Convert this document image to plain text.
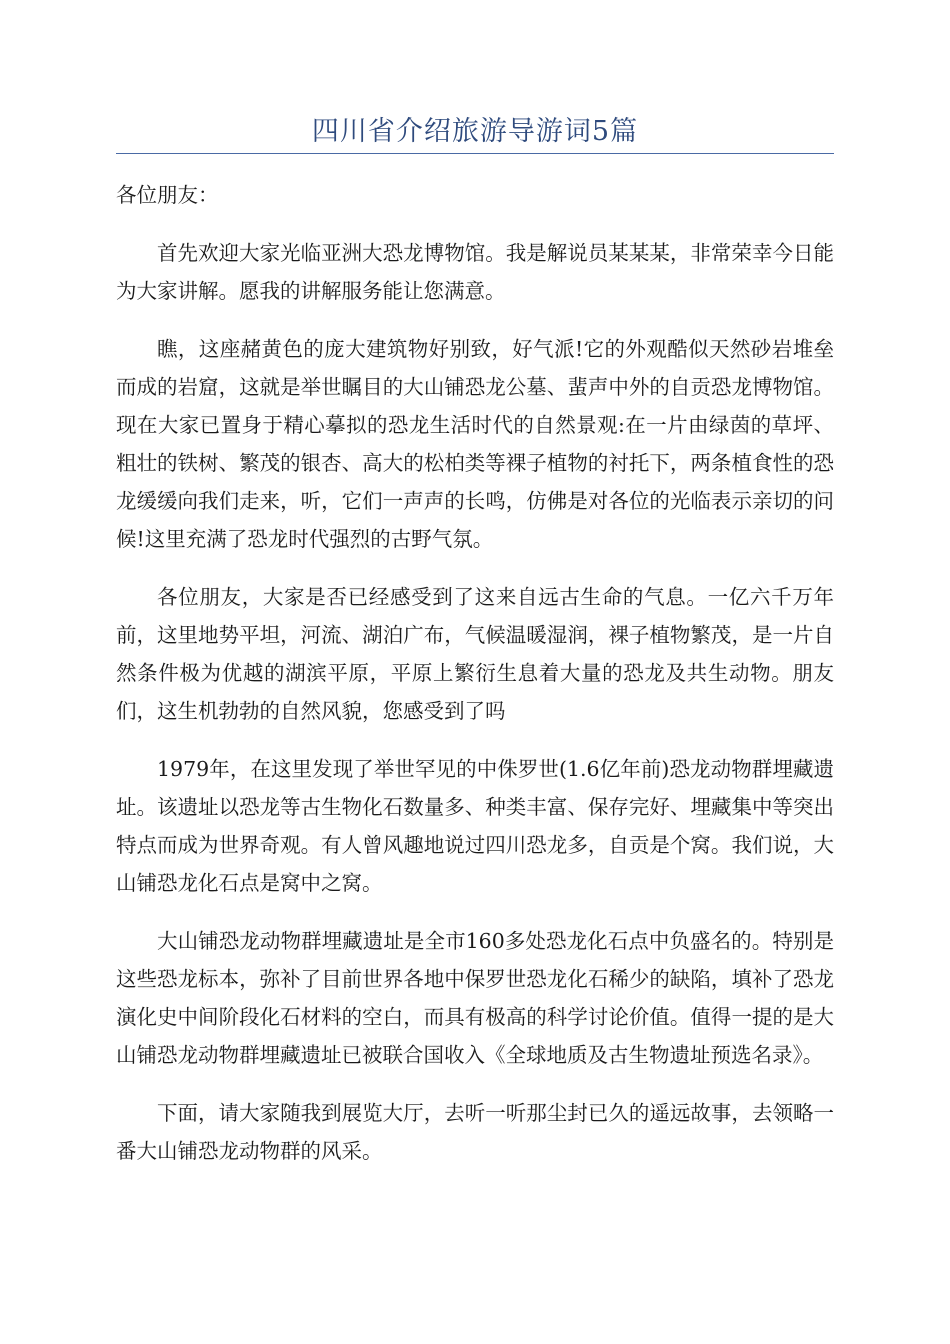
四川省介绍旅游导游词5篇

各位朋友：

首先欢迎大家光临亚洲大恐龙博物馆。我是解说员某某某，非常荣幸今日能为大家讲解。愿我的讲解服务能让您满意。

瞧，这座赭黄色的庞大建筑物好别致，好气派!它的外观酷似天然砂岩堆垒而成的岩窟，这就是举世瞩目的大山铺恐龙公墓、蜚声中外的自贡恐龙博物馆。现在大家已置身于精心摹拟的恐龙生活时代的自然景观:在一片由绿茵的草坪、粗壮的铁树、繁茂的银杏、高大的松柏类等裸子植物的衬托下，两条植食性的恐龙缓缓向我们走来，听，它们一声声的长鸣，仿佛是对各位的光临表示亲切的问候!这里充满了恐龙时代强烈的古野气氛。

各位朋友，大家是否已经感受到了这来自远古生命的气息。一亿六千万年前，这里地势平坦，河流、湖泊广布，气候温暖湿润，裸子植物繁茂，是一片自然条件极为优越的湖滨平原，平原上繁衍生息着大量的恐龙及共生动物。朋友们，这生机勃勃的自然风貌，您感受到了吗

1979年，在这里发现了举世罕见的中侏罗世(1.6亿年前)恐龙动物群埋藏遗址。该遗址以恐龙等古生物化石数量多、种类丰富、保存完好、埋藏集中等突出特点而成为世界奇观。有人曾风趣地说过四川恐龙多，自贡是个窝。我们说，大山铺恐龙化石点是窝中之窝。

大山铺恐龙动物群埋藏遗址是全市160多处恐龙化石点中负盛名的。特别是这些恐龙标本，弥补了目前世界各地中保罗世恐龙化石稀少的缺陷，填补了恐龙演化史中间阶段化石材料的空白，而具有极高的科学讨论价值。值得一提的是大山铺恐龙动物群埋藏遗址已被联合国收入《全球地质及古生物遗址预选名录》。

下面，请大家随我到展览大厅，去听一听那尘封已久的遥远故事，去领略一番大山铺恐龙动物群的风采。
